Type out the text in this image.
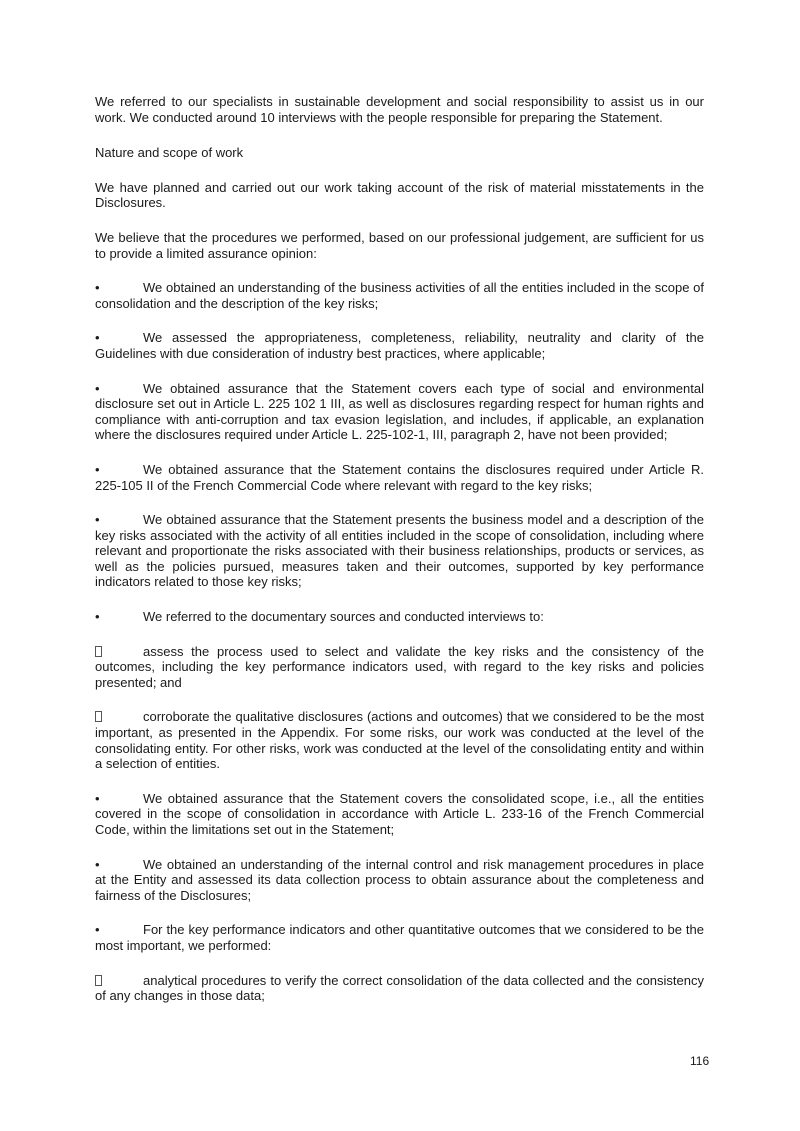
We referred to our specialists in sustainable development and social responsibility to assist us in our work. We conducted around 10 interviews with the people responsible for preparing the Statement.

Nature and scope of work

We have planned and carried out our work taking account of the risk of material misstatements in the Disclosures.

We believe that the procedures we performed, based on our professional judgement, are sufficient for us to provide a limited assurance opinion:

•	We obtained an understanding of the business activities of all the entities included in the scope of consolidation and the description of the key risks;

•	We assessed the appropriateness, completeness, reliability, neutrality and clarity of the Guidelines with due consideration of industry best practices, where applicable;

•	We obtained assurance that the Statement covers each type of social and environmental disclosure set out in Article L. 225 102 1 III, as well as disclosures regarding respect for human rights and compliance with anti-corruption and tax evasion legislation, and includes, if applicable, an explanation where the disclosures required under Article L. 225-102-1, III, paragraph 2, have not been provided;

•	We obtained assurance that the Statement contains the disclosures required under Article R. 225-105 II of the French Commercial Code where relevant with regard to the key risks;

•	We obtained assurance that the Statement presents the business model and a description of the key risks associated with the activity of all entities included in the scope of consolidation, including where relevant and proportionate the risks associated with their business relationships, products or services, as well as the policies pursued, measures taken and their outcomes, supported by key performance indicators related to those key risks;

•	We referred to the documentary sources and conducted interviews to:

assess the process used to select and validate the key risks and the consistency of the outcomes, including the key performance indicators used, with regard to the key risks and policies presented; and

corroborate the qualitative disclosures (actions and outcomes) that we considered to be the most important, as presented in the Appendix. For some risks, our work was conducted at the level of the consolidating entity. For other risks, work was conducted at the level of the consolidating entity and within a selection of entities.

•	We obtained assurance that the Statement covers the consolidated scope, i.e., all the entities covered in the scope of consolidation in accordance with Article L. 233-16 of the French Commercial Code, within the limitations set out in the Statement;

•	We obtained an understanding of the internal control and risk management procedures in place at the Entity and assessed its data collection process to obtain assurance about the completeness and fairness of the Disclosures;

•	For the key performance indicators and other quantitative outcomes that we considered to be the most important, we performed:

analytical procedures to verify the correct consolidation of the data collected and the consistency of any changes in those data;

116
